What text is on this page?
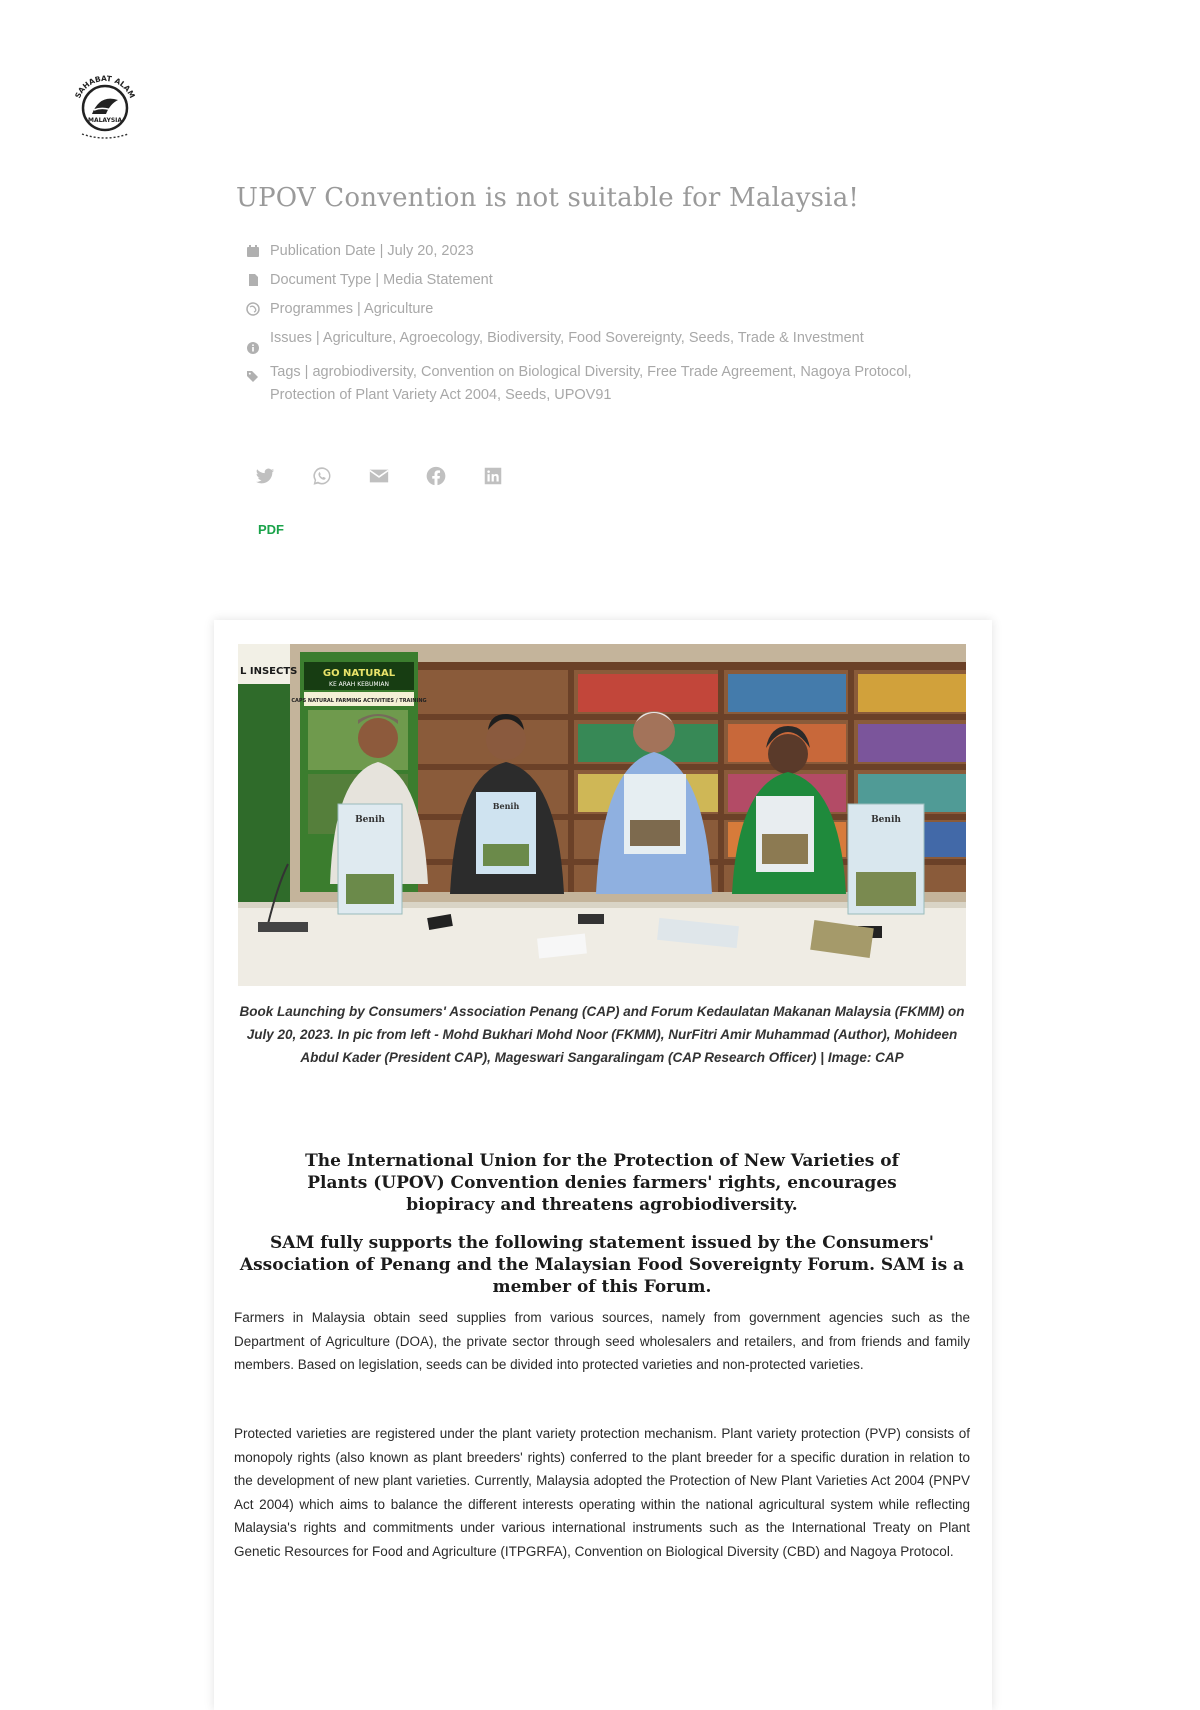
SAHABAT ALAM
MALAYSIA
UPOV Convention is not suitable for Malaysia!
Publication Date | July 20, 2023
Document Type | Media Statement
Programmes | Agriculture
Issues | Agriculture, Agroecology, Biodiversity, Food Sovereignty, Seeds, Trade & Investment
Tags | agrobiodiversity, Convention on Biological Diversity, Free Trade Agreement, Nagoya Protocol, Protection of Plant Variety Act 2004, Seeds, UPOV91
PDF
L INSECTS	GO NATURAL
KE ARAH KEBUMIAN
CAPS NATURAL FARMING ACTIVITIES / TRAINING
Benih
Benih	Benih
Book Launching by Consumers' Association Penang (CAP) and Forum Kedaulatan Makanan Malaysia (FKMM) on July 20, 2023. In pic from left - Mohd Bukhari Mohd Noor (FKMM), NurFitri Amir Muhammad (Author), Mohideen Abdul Kader (President CAP), Mageswari Sangaralingam (CAP Research Officer) | Image: CAP

The International Union for the Protection of New Varieties of Plants (UPOV) Convention denies farmers' rights, encourages biopiracy and threatens agrobiodiversity.

SAM fully supports the following statement issued by the Consumers' Association of Penang and the Malaysian Food Sovereignty Forum. SAM is a member of this Forum.

Farmers in Malaysia obtain seed supplies from various sources, namely from government agencies such as the Department of Agriculture (DOA), the private sector through seed wholesalers and retailers, and from friends and family members. Based on legislation, seeds can be divided into protected varieties and non-protected varieties.

Protected varieties are registered under the plant variety protection mechanism. Plant variety protection (PVP) consists of monopoly rights (also known as plant breeders' rights) conferred to the plant breeder for a specific duration in relation to the development of new plant varieties. Currently, Malaysia adopted the Protection of New Plant Varieties Act 2004 (PNPV Act 2004) which aims to balance the different interests operating within the national agricultural system while reflecting Malaysia's rights and commitments under various international instruments such as the International Treaty on Plant Genetic Resources for Food and Agriculture (ITPGRFA), Convention on Biological Diversity (CBD) and Nagoya Protocol.
